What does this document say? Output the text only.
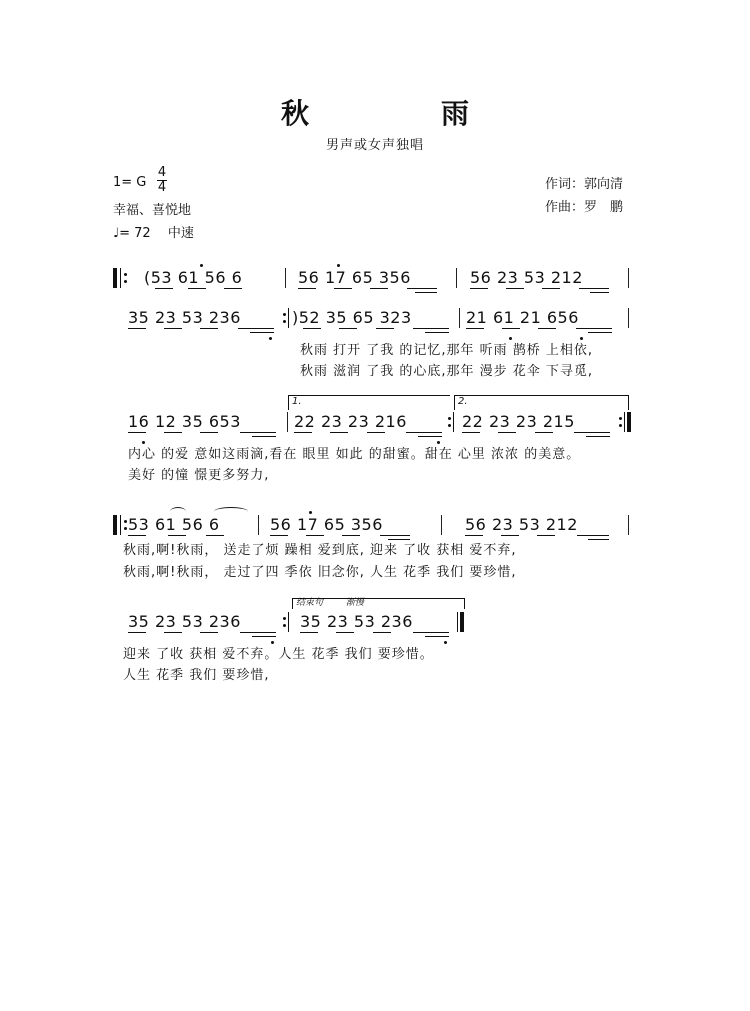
秋　雨
男声或女声独唱
1= G
4
4
幸福、喜悦地
♩= 72　 中速
作词：郭向清
作曲：罗　鹏
(53 61 56 6	56 17 65 356	56 23 53 212
35 23 53 236	)52 35 65 323	21 61 21 656
秋雨 打开 了我 的记忆,那年 听雨 鹊桥 上相依,
秋雨 滋润 了我 的心底,那年 漫步 花伞 下寻觅,
1.	2.
16 12 35 653	22 23 23 216	22 23 23 215
内心 的爱 意如这雨滴,看在 眼里 如此 的甜蜜。甜在 心里 浓浓 的美意。
美好 的憧 憬更多努力,
53 61 56 6	56 17 65 356	56 23 53 212
秋雨,啊!秋雨， 送走了烦 躁相 爱到底, 迎来 了收 获相 爱不弃,
秋雨,啊!秋雨， 走过了四 季依 旧念你, 人生 花季 我们 要珍惜,
结束句	渐慢
35 23 53 236	35 23 53 236
迎来 了收 获相 爱不弃。人生 花季 我们 要珍惜。
人生 花季 我们 要珍惜,
